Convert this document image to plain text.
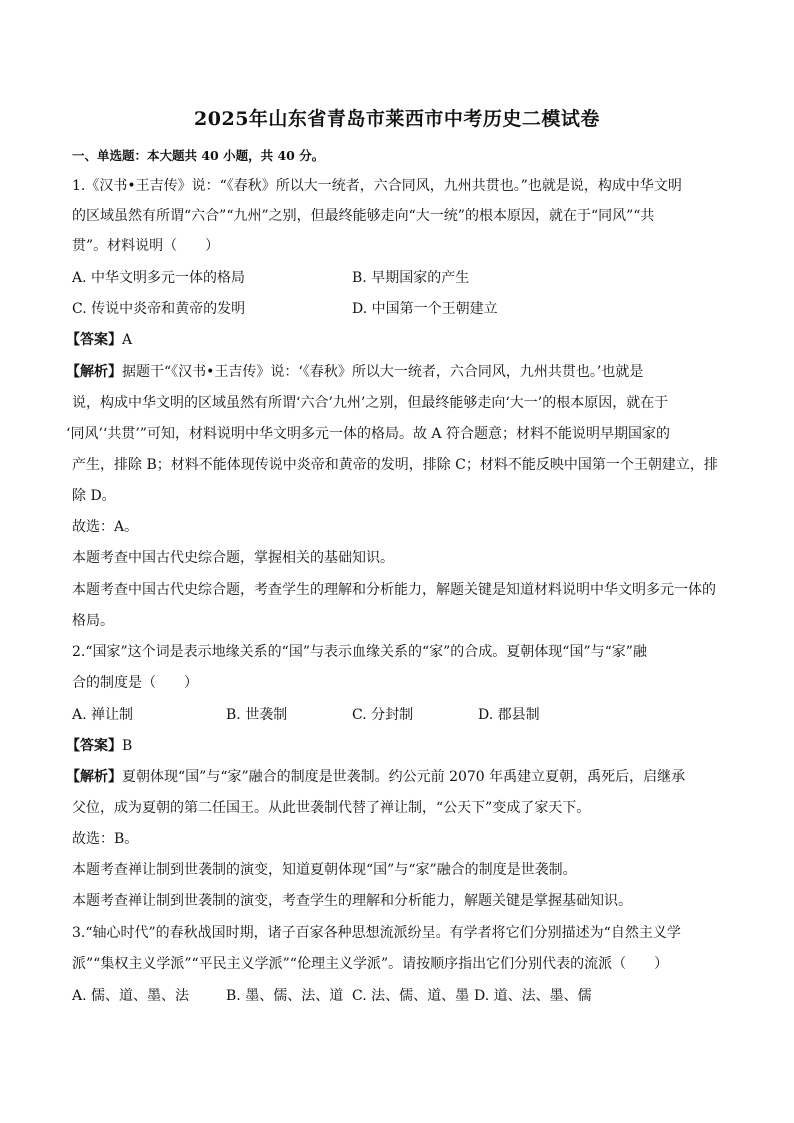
2025年山东省青岛市莱西市中考历史二模试卷
一、单选题：本大题共 40 小题，共 40 分。
1.《汉书•王吉传》说：“《春秋》所以大一统者，六合同风，九州共贯也。”也就是说，构成中华文明
的区域虽然有所谓“六合”“九州”之别，但最终能够走向“大一统”的根本原因，就在于“同风”“共
贯”。材料说明（　　）
A. 中华文明多元一体的格局	B. 早期国家的产生
C. 传说中炎帝和黄帝的发明	D. 中国第一个王朝建立
【答案】A
【解析】据题干“《汉书•王吉传》说：‘《春秋》所以大一统者，六合同风，九州共贯也。’也就是
说，构成中华文明的区域虽然有所谓‘六合’九州’之别，但最终能够走向‘大一’的根本原因，就在于
‘同风’‘共贯’”可知，材料说明中华文明多元一体的格局。故 A 符合题意；材料不能说明早期国家的
产生，排除 B；材料不能体现传说中炎帝和黄帝的发明，排除 C；材料不能反映中国第一个王朝建立，排
除 D。
故选：A。
本题考查中国古代史综合题，掌握相关的基础知识。
本题考查中国古代史综合题，考查学生的理解和分析能力，解题关键是知道材料说明中华文明多元一体的
格局。
2.“国家”这个词是表示地缘关系的“国”与表示血缘关系的“家”的合成。夏朝体现“国”与“家”融
合的制度是（　　）
A. 禅让制	B. 世袭制	C. 分封制	D. 郡县制
【答案】B
【解析】夏朝体现“国”与“家”融合的制度是世袭制。约公元前 2070 年禹建立夏朝，禹死后，启继承
父位，成为夏朝的第二任国王。从此世袭制代替了禅让制，“公天下”变成了家天下。
故选：B。
本题考查禅让制到世袭制的演变，知道夏朝体现“国”与“家”融合的制度是世袭制。
本题考查禅让制到世袭制的演变，考查学生的理解和分析能力，解题关键是掌握基础知识。
3.“轴心时代”的春秋战国时期，诸子百家各种思想流派纷呈。有学者将它们分别描述为“自然主义学
派”“集权主义学派”“平民主义学派”“伦理主义学派”。请按顺序指出它们分别代表的流派（　　）
A. 儒、道、墨、法	B. 墨、儒、法、道 C. 法、儒、道、墨 D. 道、法、墨、儒
